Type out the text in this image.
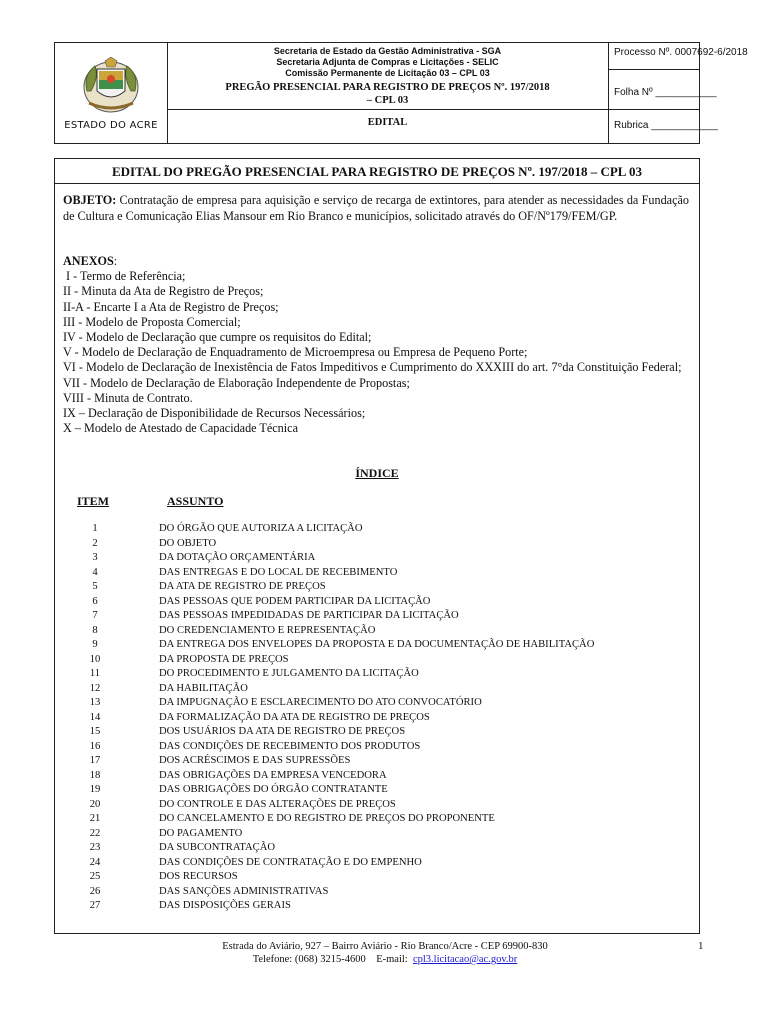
ESTADO DO ACRE
Secretaria de Estado da Gestão Administrativa - SGA
Secretaria Adjunta de Compras e Licitações - SELIC
Comissão Permanente de Licitação 03 – CPL 03
PREGÃO PRESENCIAL PARA REGISTRO DE PREÇOS Nº. 197/2018
– CPL 03
EDITAL
Processo Nº. 0007692-6/2018
Folha Nº ___________
Rubrica ____________
EDITAL DO PREGÃO PRESENCIAL PARA REGISTRO DE PREÇOS Nº. 197/2018 – CPL 03
OBJETO: Contratação de empresa para aquisição e serviço de recarga de extintores, para atender as necessidades da Fundação de Cultura e Comunicação Elias Mansour em Rio Branco e municípios, solicitado através do OF/Nº179/FEM/GP.
ANEXOS:
I - Termo de Referência;
II - Minuta da Ata de Registro de Preços;
II-A - Encarte I a Ata de Registro de Preços;
III - Modelo de Proposta Comercial;
IV - Modelo de Declaração que cumpre os requisitos do Edital;
V - Modelo de Declaração de Enquadramento de Microempresa ou Empresa de Pequeno Porte;
VI - Modelo de Declaração de Inexistência de Fatos Impeditivos e Cumprimento do XXXIII do art. 7°da Constituição Federal;
VII - Modelo de Declaração de Elaboração Independente de Propostas;
VIII - Minuta de Contrato.
IX – Declaração de Disponibilidade de Recursos Necessários;
X – Modelo de Atestado de Capacidade Técnica
ÍNDICE
ITEM	ASSUNTO
1	DO ÓRGÃO QUE AUTORIZA A LICITAÇÃO
2	DO OBJETO
3	DA DOTAÇÃO ORÇAMENTÁRIA
4	DAS ENTREGAS E DO LOCAL DE RECEBIMENTO
5	DA ATA DE REGISTRO DE PREÇOS
6	DAS PESSOAS QUE PODEM PARTICIPAR DA LICITAÇÃO
7	DAS PESSOAS IMPEDIDADAS DE PARTICIPAR DA LICITAÇÃO
8	DO CREDENCIAMENTO E REPRESENTAÇÃO
9	DA ENTREGA DOS ENVELOPES DA PROPOSTA E DA DOCUMENTAÇÃO DE HABILITAÇÃO
10	DA PROPOSTA DE PREÇOS
11	DO PROCEDIMENTO E JULGAMENTO DA LICITAÇÃO
12	DA HABILITAÇÃO
13	DA IMPUGNAÇÃO E ESCLARECIMENTO DO ATO CONVOCATÓRIO
14	DA FORMALIZAÇÃO DA ATA DE REGISTRO DE PREÇOS
15	DOS USUÁRIOS DA ATA DE REGISTRO DE PREÇOS
16	DAS CONDIÇÕES DE RECEBIMENTO DOS PRODUTOS
17	DOS ACRÉSCIMOS E DAS SUPRESSÕES
18	DAS OBRIGAÇÕES DA EMPRESA VENCEDORA
19	DAS OBRIGAÇÕES DO ÓRGÃO CONTRATANTE
20	DO CONTROLE E DAS ALTERAÇÕES DE PREÇOS
21	DO CANCELAMENTO E DO REGISTRO DE PREÇOS DO PROPONENTE
22	DO PAGAMENTO
23	DA SUBCONTRATAÇÃO
24	DAS CONDIÇÕES DE CONTRATAÇÃO E DO EMPENHO
25	DOS RECURSOS
26	DAS SANÇÕES ADMINISTRATIVAS
27	DAS DISPOSIÇÕES GERAIS
Estrada do Aviário, 927 – Bairro Aviário - Rio Branco/Acre - CEP 69900-830
Telefone: (068) 3215-4600    E-mail:  cpl3.licitacao@ac.gov.br
1
